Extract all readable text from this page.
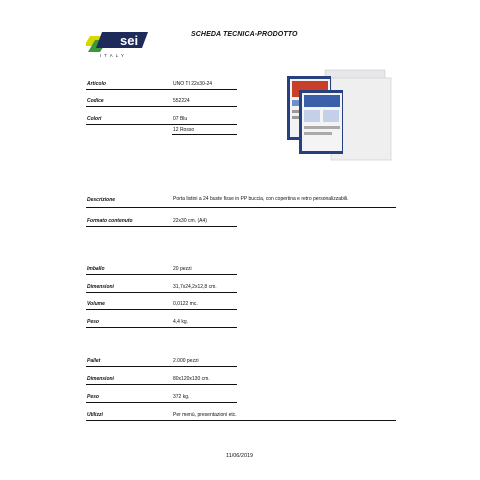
sei
ITALY
SCHEDA TECNICA-PRODOTTO
Articolo	UNO TI 22x30-24
Codice	552224
Colori	07 Blu
12 Rosso
Descrizione	Porta listini a 24 buste fisse in PP buccia, con copertina e retro personalizzabili.
Formato contenuto	22x30 cm. (A4)
Imballo	20 pezzi
Dimensioni	31,7x24,2x12,8 cm.
Volume	0,0122 mc.
Peso	4,4 kg.
Pallet	2.000 pezzi
Dimensioni	80x120x130 cm.
Peso	372 kg.
Utilizzi	Per menù, presentazioni etc.
11/06/2019
